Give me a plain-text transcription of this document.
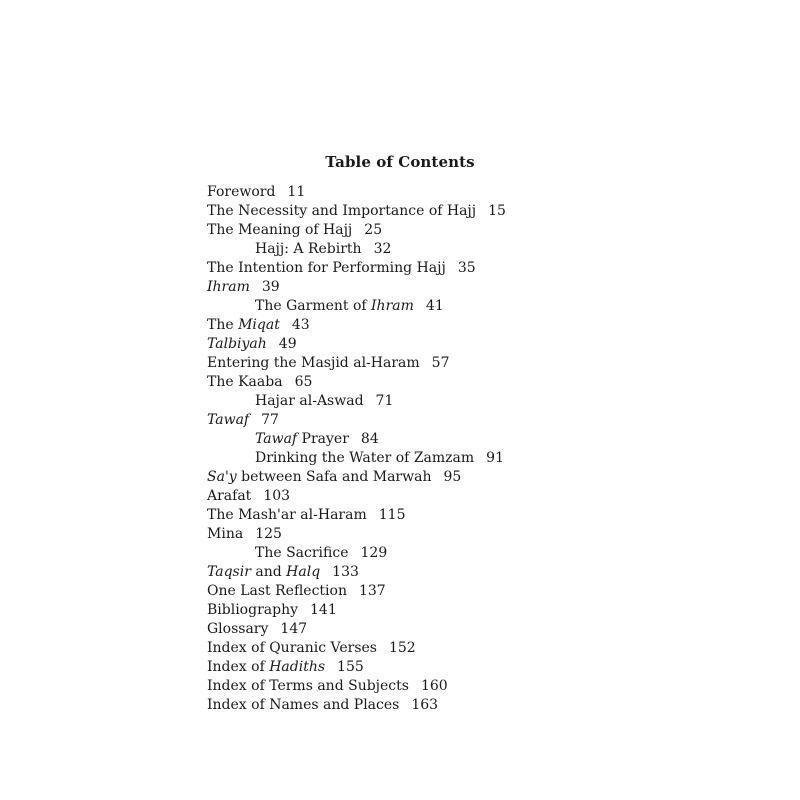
Table of Contents
Foreword 11
The Necessity and Importance of Hajj 15
The Meaning of Hajj 25
Hajj: A Rebirth 32
The Intention for Performing Hajj 35
Ihram 39
The Garment of Ihram 41
The Miqat 43
Talbiyah 49
Entering the Masjid al-Haram 57
The Kaaba 65
Hajar al-Aswad 71
Tawaf 77
Tawaf Prayer 84
Drinking the Water of Zamzam 91
Sa'y between Safa and Marwah 95
Arafat 103
The Mash'ar al-Haram 115
Mina 125
The Sacrifice 129
Taqsir and Halq 133
One Last Reflection 137
Bibliography 141
Glossary 147
Index of Quranic Verses 152
Index of Hadiths 155
Index of Terms and Subjects 160
Index of Names and Places 163
